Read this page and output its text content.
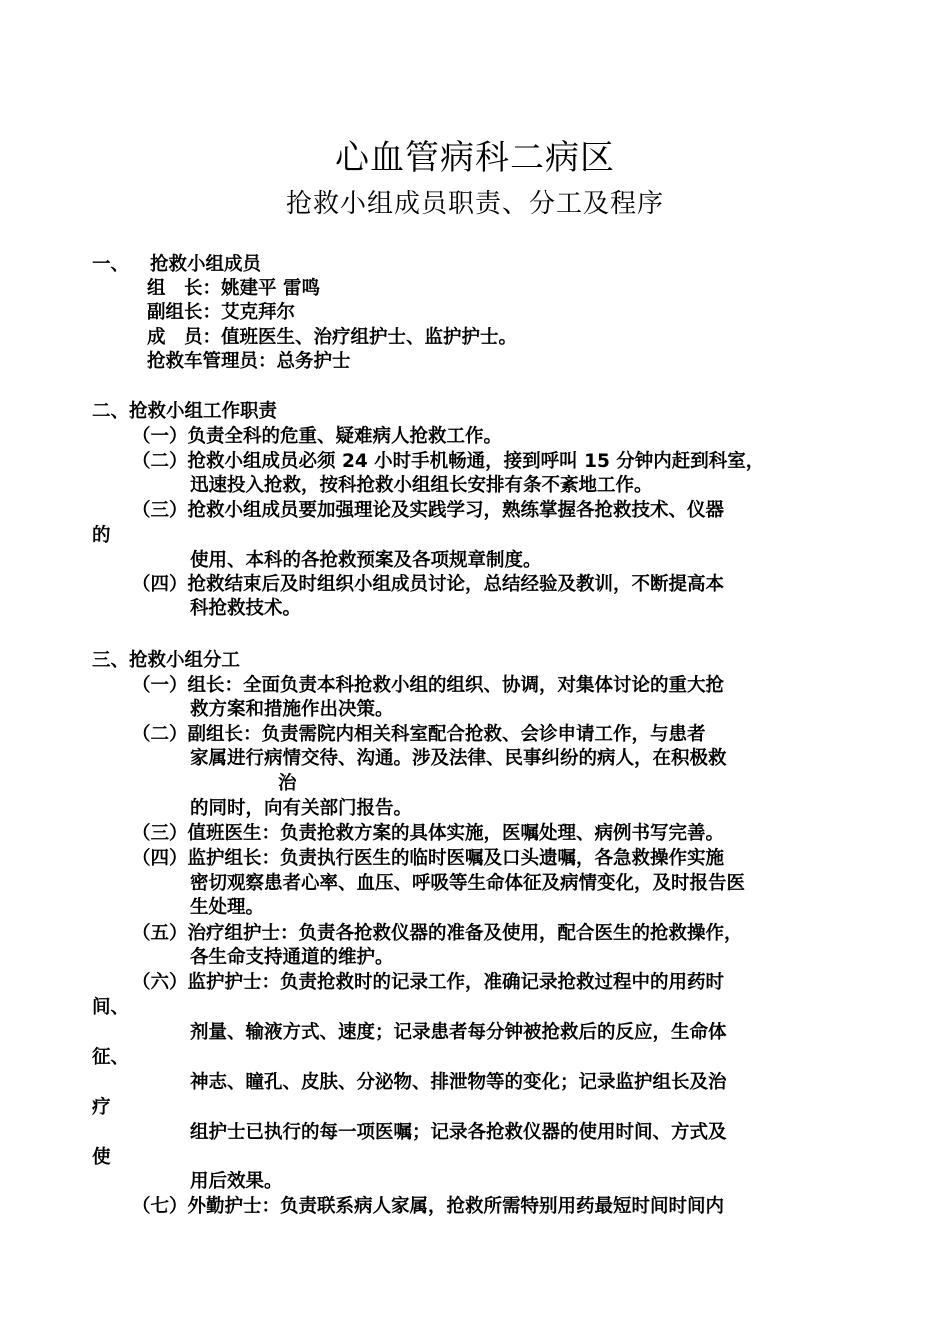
心血管病科二病区
抢救小组成员职责、分工及程序
一、 抢救小组成员
组　长：姚建平 雷鸣
副组长：艾克拜尔
成　员：值班医生、治疗组护士、监护护士。
抢救车管理员：总务护士
二、抢救小组工作职责
（一）负责全科的危重、疑难病人抢救工作。
（二）抢救小组成员必须 24 小时手机畅通，接到呼叫 15 分钟内赶到科室，
迅速投入抢救，按科抢救小组组长安排有条不紊地工作。
（三）抢救小组成员要加强理论及实践学习，熟练掌握各抢救技术、仪器
的
使用、本科的各抢救预案及各项规章制度。
（四）抢救结束后及时组织小组成员讨论，总结经验及教训，不断提高本
科抢救技术。
三、抢救小组分工
（一）组长：全面负责本科抢救小组的组织、协调，对集体讨论的重大抢
救方案和措施作出决策。
（二）副组长：负责需院内相关科室配合抢救、会诊申请工作，与患者
家属进行病情交待、沟通。涉及法律、民事纠纷的病人，在积极救
治
的同时，向有关部门报告。
（三）值班医生：负责抢救方案的具体实施，医嘱处理、病例书写完善。
（四）监护组长：负责执行医生的临时医嘱及口头遗嘱，各急救操作实施
密切观察患者心率、血压、呼吸等生命体征及病情变化，及时报告医
生处理。
（五）治疗组护士：负责各抢救仪器的准备及使用，配合医生的抢救操作，
各生命支持通道的维护。
（六）监护护士：负责抢救时的记录工作，准确记录抢救过程中的用药时
间、
剂量、输液方式、速度；记录患者每分钟被抢救后的反应，生命体
征、
神志、瞳孔、皮肤、分泌物、排泄物等的变化；记录监护组长及治
疗
组护士已执行的每一项医嘱；记录各抢救仪器的使用时间、方式及
使
用后效果。
（七）外勤护士：负责联系病人家属，抢救所需特别用药最短时间时间内
